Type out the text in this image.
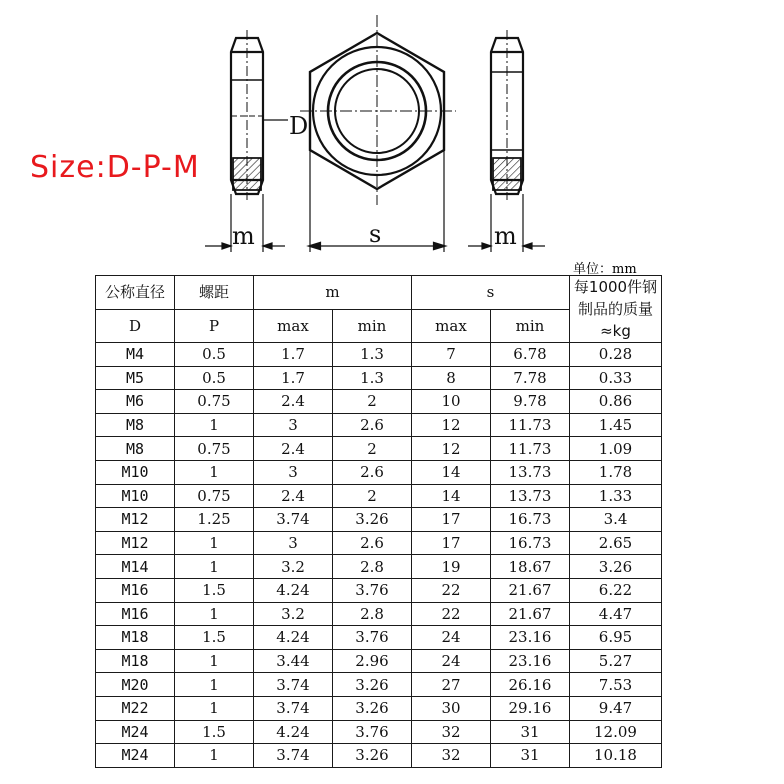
D
m	s	m
Size:D-P-M
单位：mm
公称直径	螺距	m		s		每1000件钢
制品的质量
≈kg

D	P	max	min	max	min	
M4	0.5	1.7	1.3	7	6.78	0.28
M5	0.5	1.7	1.3	8	7.78	0.33
M6	0.75	2.4	2	10	9.78	0.86
M8	1	3	2.6	12	11.73	1.45
M8	0.75	2.4	2	12	11.73	1.09
M10	1	3	2.6	14	13.73	1.78
M10	0.75	2.4	2	14	13.73	1.33
M12	1.25	3.74	3.26	17	16.73	3.4
M12	1	3	2.6	17	16.73	2.65
M14	1	3.2	2.8	19	18.67	3.26
M16	1.5	4.24	3.76	22	21.67	6.22
M16	1	3.2	2.8	22	21.67	4.47
M18	1.5	4.24	3.76	24	23.16	6.95
M18	1	3.44	2.96	24	23.16	5.27
M20	1	3.74	3.26	27	26.16	7.53
M22	1	3.74	3.26	30	29.16	9.47
M24	1.5	4.24	3.76	32	31	12.09
M24	1	3.74	3.26	32	31	10.18
